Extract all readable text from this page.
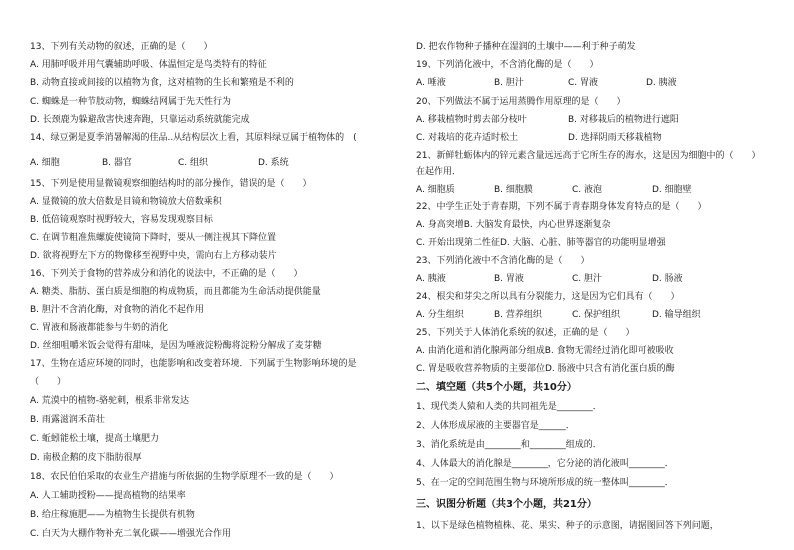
13、下列有关动物的叙述，正确的是（　　）
A. 用肺呼吸并用气囊辅助呼吸、体温恒定是鸟类特有的特征
B. 动物直接或间接的以植物为食，这对植物的生长和繁殖是不利的
C. 蜘蛛是一种节肢动物，蜘蛛结网属于先天性行为
D. 长颈鹿为躲避敌害快速奔跑，只靠运动系统就能完成
14、绿豆粥是夏季消暑解渴的佳品..从结构层次上看，其原料绿豆属于植物体的　(
A. 细胞	B. 器官	C. 组织	D. 系统
15、下列是使用显微镜观察细胞结构时的部分操作，错误的是（　　）
A. 显微镜的放大倍数是目镜和物镜放大倍数乘积
B. 低倍镜观察时视野较大，容易发现观察目标
C. 在调节粗准焦螺旋使镜筒下降时，要从一侧注视其下降位置
D. 欲将视野左下方的物像移至视野中央，需向右上方移动装片
16、下列关于食物的营养成分和消化的说法中，不正确的是（　　）
A. 糖类、脂肪、蛋白质是细胞的构成物质，而且都能为生命活动提供能量
B. 胆汁不含消化酶，对食物的消化不起作用
C. 胃液和肠液都能参与牛奶的消化
D. 丝细咀嚼米饭会觉得有甜味，是因为唾液淀粉酶将淀粉分解成了麦芽糖
17、生物在适应环境的同时，也能影响和改变着环境．下列属于生物影响环境的是
（　　）
A. 荒漠中的植物-骆驼刺，根系非常发达
B. 雨露滋润禾苗壮
C. 蚯蚓能松土壤，提高土壤肥力
D. 南极企鹅的皮下脂肪很厚
18、农民伯伯采取的农业生产措施与所依据的生物学原理不一致的是（　　）
A. 人工辅助授粉——提高植物的结果率
B. 给庄稼施肥——为植物生长提供有机物
C. 白天为大棚作物补充二氧化碳——增强光合作用
D. 把农作物种子播种在湿润的土壤中——利于种子萌发
19、下列消化液中，不含消化酶的是（　　）
A. 唾液	B. 胆汁	C. 胃液	D. 胰液
20、下列做法不属于运用蒸腾作用原理的是（　　）
A. 移栽植物时剪去部分枝叶	B. 对移栽后的植物进行遮阳
C. 对栽培的花卉适时松土	D. 选择阴雨天移栽植物
21、新鲜牡蛎体内的锌元素含量远远高于它所生存的海水，这是因为细胞中的（　　）
在起作用．
A. 细胞质	B. 细胞膜	C. 液泡	D. 细胞壁
22、中学生正处于青春期，下列不属于青春期身体发育特点的是（　　）
A. 身高突增B. 大脑发育最快，内心世界逐渐复杂
C. 开始出现第二性征D. 大脑、心脏、肺等器官的功能明显增强
23、下列消化液中不含消化酶的是（　　）
A. 胰液	B. 胃液	C. 胆汁	D. 肠液
24、根尖和芽尖之所以具有分裂能力，这是因为它们具有（　　）
A. 分生组织	B. 营养组织	C. 保护组织	D. 输导组织
25、下列关于人体消化系统的叙述，正确的是（　　）
A. 由消化道和消化腺两部分组成B. 食物无需经过消化即可被吸收
C. 胃是吸收营养物质的主要部位D. 肠液中只含有消化蛋白质的酶
二、填空题（共5个小题，共10分）
1、现代类人猿和人类的共同祖先是________．
2、人体形成尿液的主要器官是______．
3、消化系统是由________和________组成的．
4、人体最大的消化腺是________，它分泌的消化液叫________．
5、在一定的空间范围生物与环境所形成的统一整体叫________．
三、识图分析题（共3个小题，共21分）
1、以下是绿色植物植株、花、果实、种子的示意图，请据图回答下列问题，
